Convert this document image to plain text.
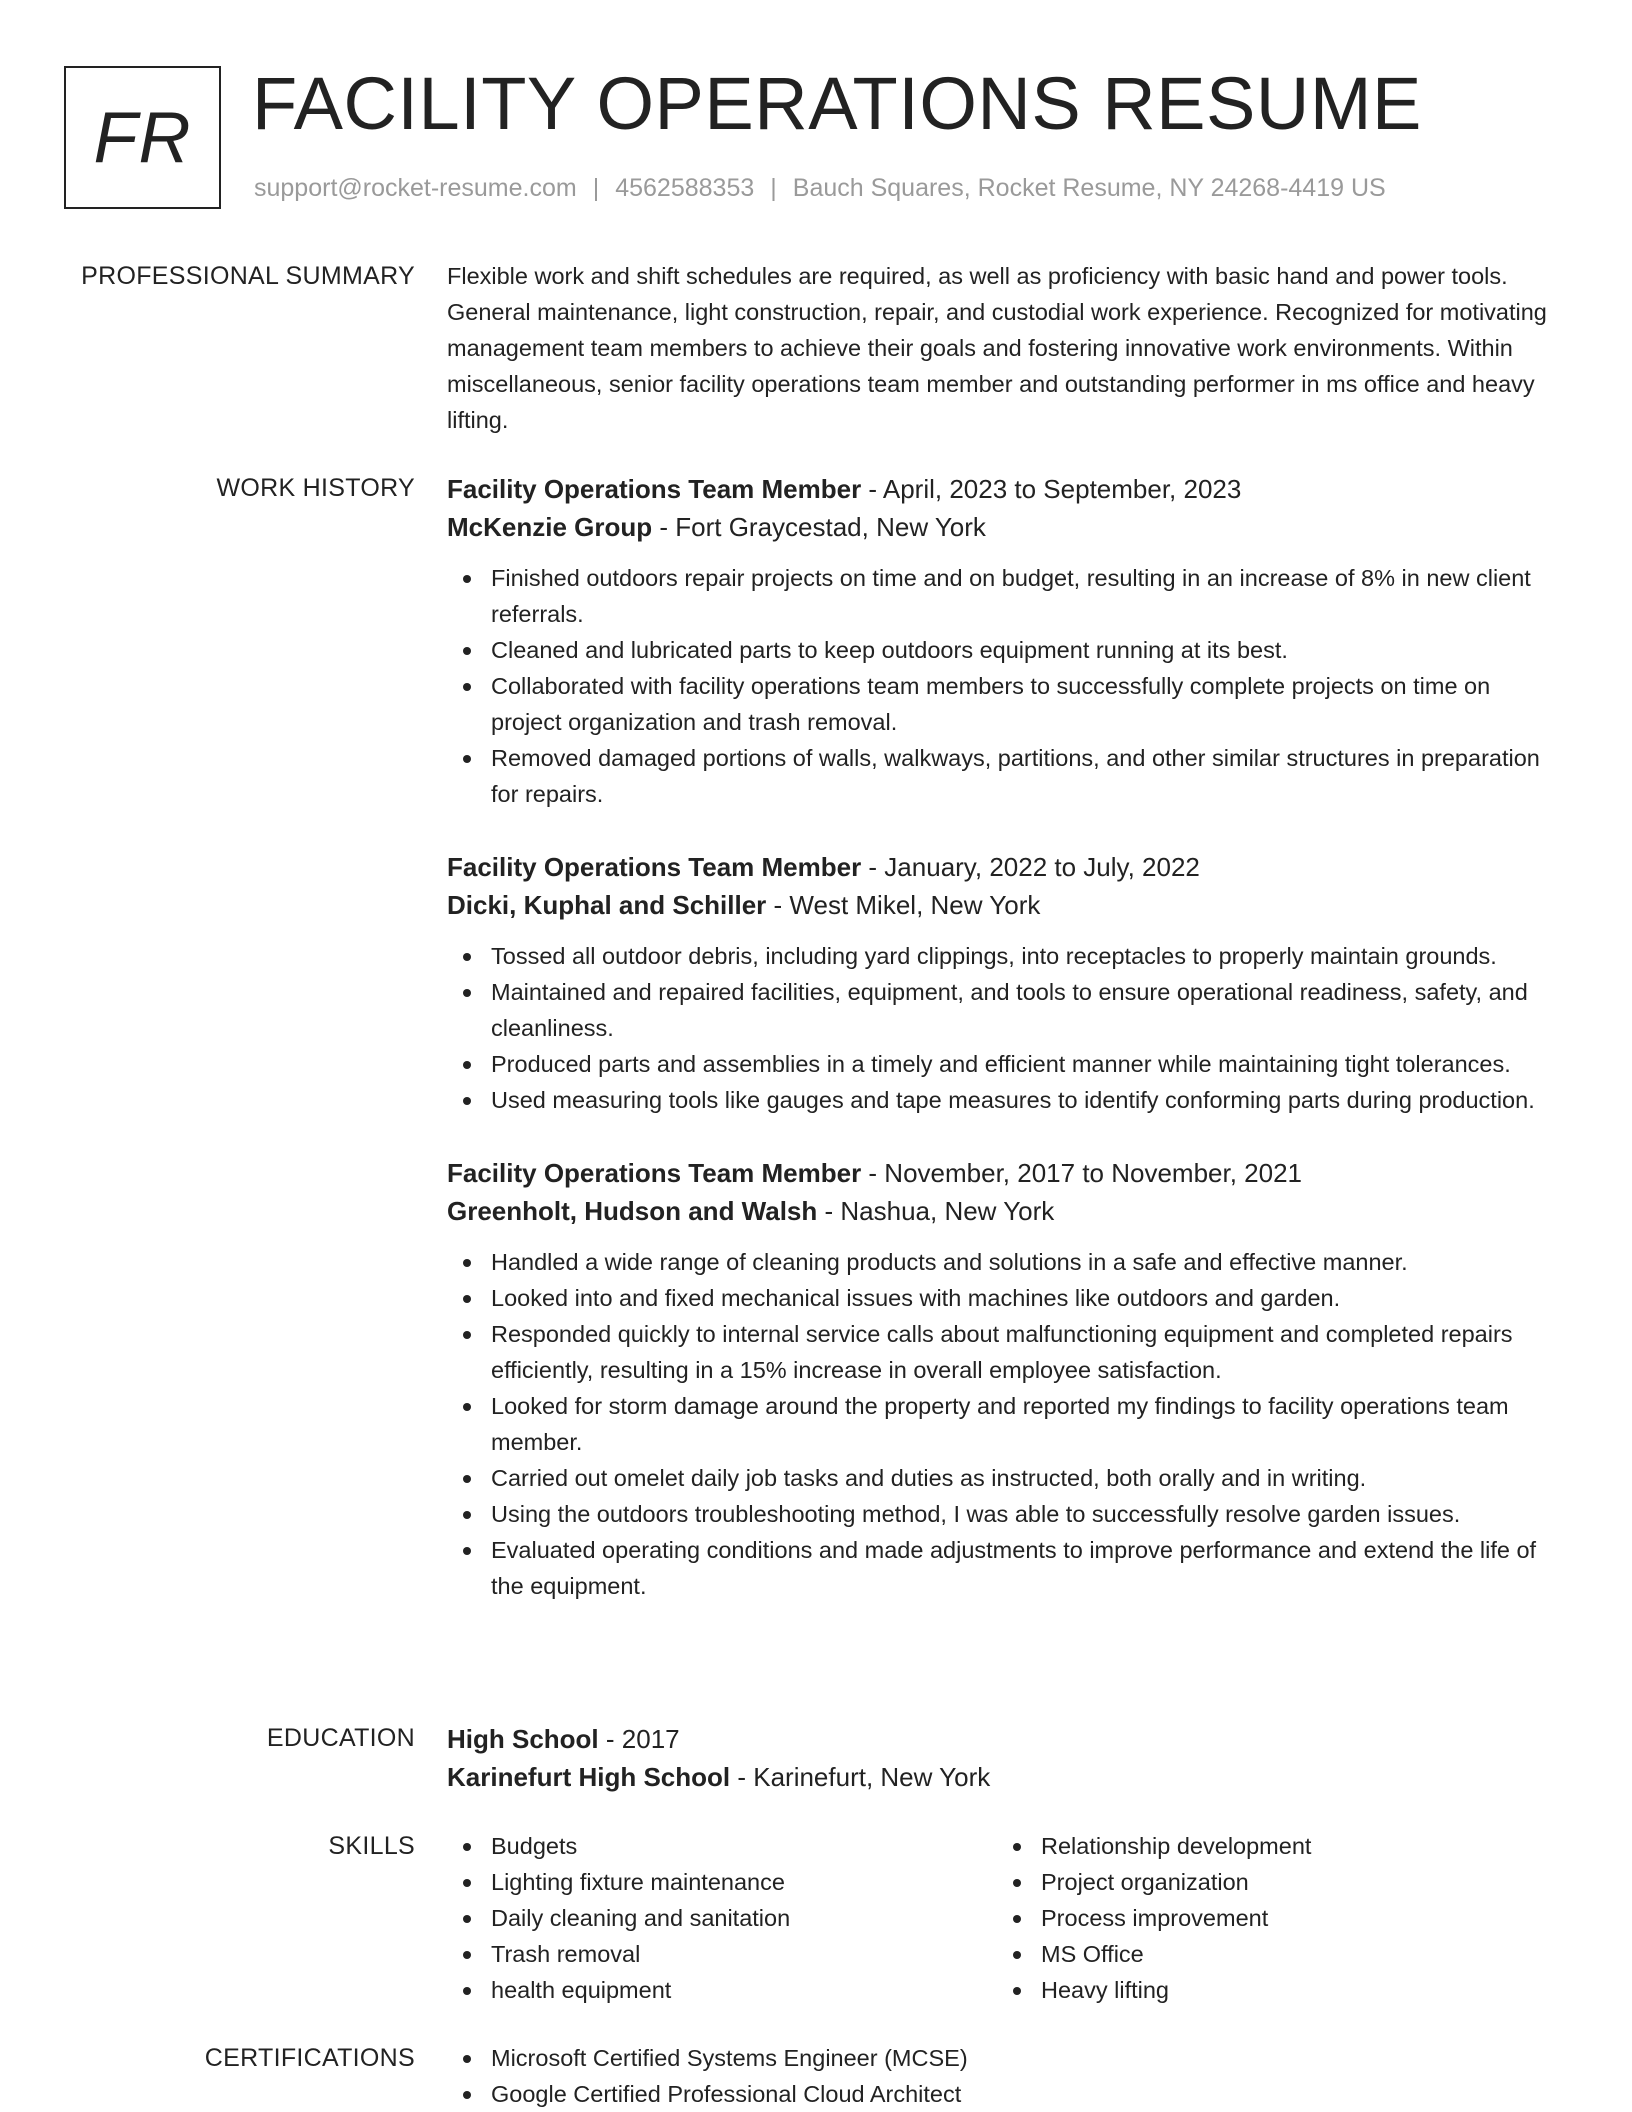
FR FACILITY OPERATIONS RESUME
support@rocket-resume.com | 4562588353 | Bauch Squares, Rocket Resume, NY 24268-4419 US
PROFESSIONAL SUMMARY Flexible work and shift schedules are required, as well as proficiency with basic hand and power tools. General maintenance, light construction, repair, and custodial work experience. Recognized for motivating management team members to achieve their goals and fostering innovative work environments. Within miscellaneous, senior facility operations team member and outstanding performer in ms office and heavy lifting.

WORK HISTORY Facility Operations Team Member - April, 2023 to September, 2023
McKenzie Group - Fort Graycestad, New York
Finished outdoors repair projects on time and on budget, resulting in an increase of 8% in new client referrals.
Cleaned and lubricated parts to keep outdoors equipment running at its best.
Collaborated with facility operations team members to successfully complete projects on time on project organization and trash removal.
Removed damaged portions of walls, walkways, partitions, and other similar structures in preparation for repairs.
Facility Operations Team Member - January, 2022 to July, 2022
Dicki, Kuphal and Schiller - West Mikel, New York
Tossed all outdoor debris, including yard clippings, into receptacles to properly maintain grounds.
Maintained and repaired facilities, equipment, and tools to ensure operational readiness, safety, and cleanliness.
Produced parts and assemblies in a timely and efficient manner while maintaining tight tolerances.
Used measuring tools like gauges and tape measures to identify conforming parts during production.
Facility Operations Team Member - November, 2017 to November, 2021
Greenholt, Hudson and Walsh - Nashua, New York
Handled a wide range of cleaning products and solutions in a safe and effective manner.
Looked into and fixed mechanical issues with machines like outdoors and garden.
Responded quickly to internal service calls about malfunctioning equipment and completed repairs efficiently, resulting in a 15% increase in overall employee satisfaction.
Looked for storm damage around the property and reported my findings to facility operations team member.
Carried out omelet daily job tasks and duties as instructed, both orally and in writing.
Using the outdoors troubleshooting method, I was able to successfully resolve garden issues.
Evaluated operating conditions and made adjustments to improve performance and extend the life of the equipment.
EDUCATION High School - 2017
Karinefurt High School - Karinefurt, New York
SKILLS	Budgets
Lighting fixture maintenance
Daily cleaning and sanitation
Trash removal
health equipment
Relationship development
Project organization
Process improvement
MS Office
Heavy lifting
CERTIFICATIONS	Microsoft Certified Systems Engineer (MCSE)
Google Certified Professional Cloud Architect
